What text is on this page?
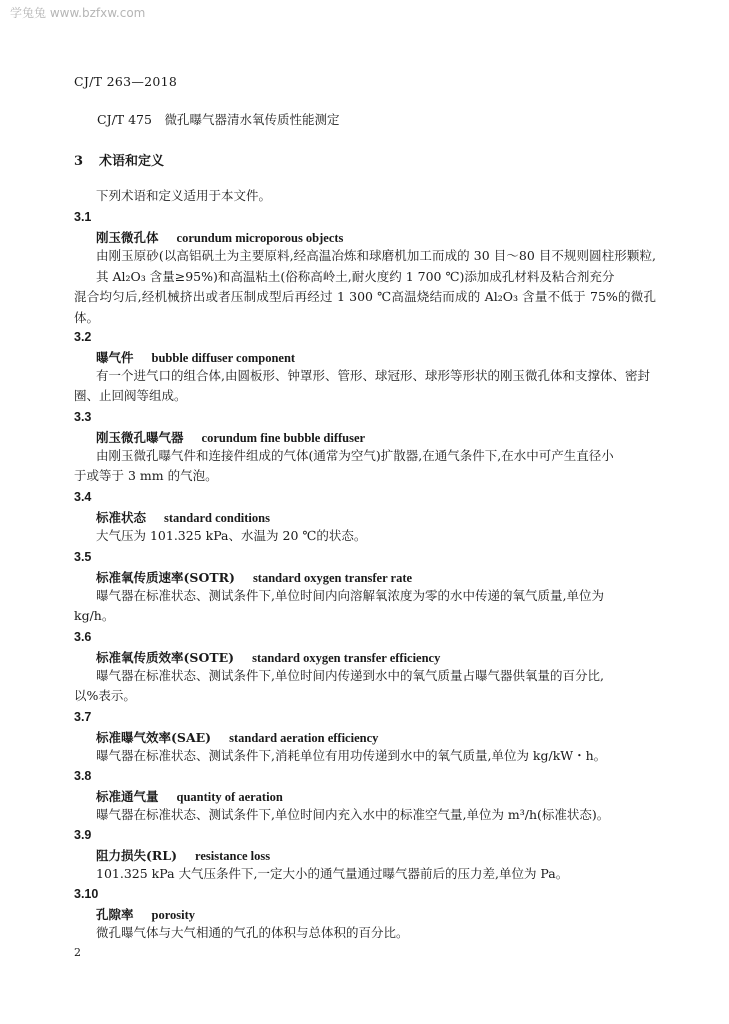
学兔兔 www.bzfxw.com
CJ/T 263—2018
CJ/T 475　微孔曝气器清水氧传质性能测定
3 术语和定义
下列术语和定义适用于本文件。
3.1
刚玉微孔体 corundum microporous objects
由刚玉原砂(以高铝矾土为主要原料,经高温冶炼和球磨机加工而成的 30 目～80 目不规则圆柱形颗粒,其 Al₂O₃ 含量≥95%)和高温粘土(俗称高岭土,耐火度约 1 700 ℃)添加成孔材料及粘合剂充分
混合均匀后,经机械挤出或者压制成型后再经过 1 300 ℃高温烧结而成的 Al₂O₃ 含量不低于 75%的微孔体。
3.2
曝气件 bubble diffuser component
有一个进气口的组合体,由圆板形、钟罩形、管形、球冠形、球形等形状的刚玉微孔体和支撑体、密封
圈、止回阀等组成。
3.3
刚玉微孔曝气器 corundum fine bubble diffuser
由刚玉微孔曝气件和连接件组成的气体(通常为空气)扩散器,在通气条件下,在水中可产生直径小
于或等于 3 mm 的气泡。
3.4
标准状态 standard conditions
大气压为 101.325 kPa、水温为 20 ℃的状态。
3.5
标准氧传质速率(SOTR) standard oxygen transfer rate
曝气器在标准状态、测试条件下,单位时间内向溶解氧浓度为零的水中传递的氧气质量,单位为
kg/h。
3.6
标准氧传质效率(SOTE) standard oxygen transfer efficiency
曝气器在标准状态、测试条件下,单位时间内传递到水中的氧气质量占曝气器供氧量的百分比,
以%表示。
3.7
标准曝气效率(SAE) standard aeration efficiency
曝气器在标准状态、测试条件下,消耗单位有用功传递到水中的氧气质量,单位为 kg/kW・h。
3.8
标准通气量 quantity of aeration
曝气器在标准状态、测试条件下,单位时间内充入水中的标准空气量,单位为 m³/h(标准状态)。
3.9
阻力损失(RL) resistance loss
101.325 kPa 大气压条件下,一定大小的通气量通过曝气器前后的压力差,单位为 Pa。
3.10
孔隙率 porosity
微孔曝气体与大气相通的气孔的体积与总体积的百分比。
2
